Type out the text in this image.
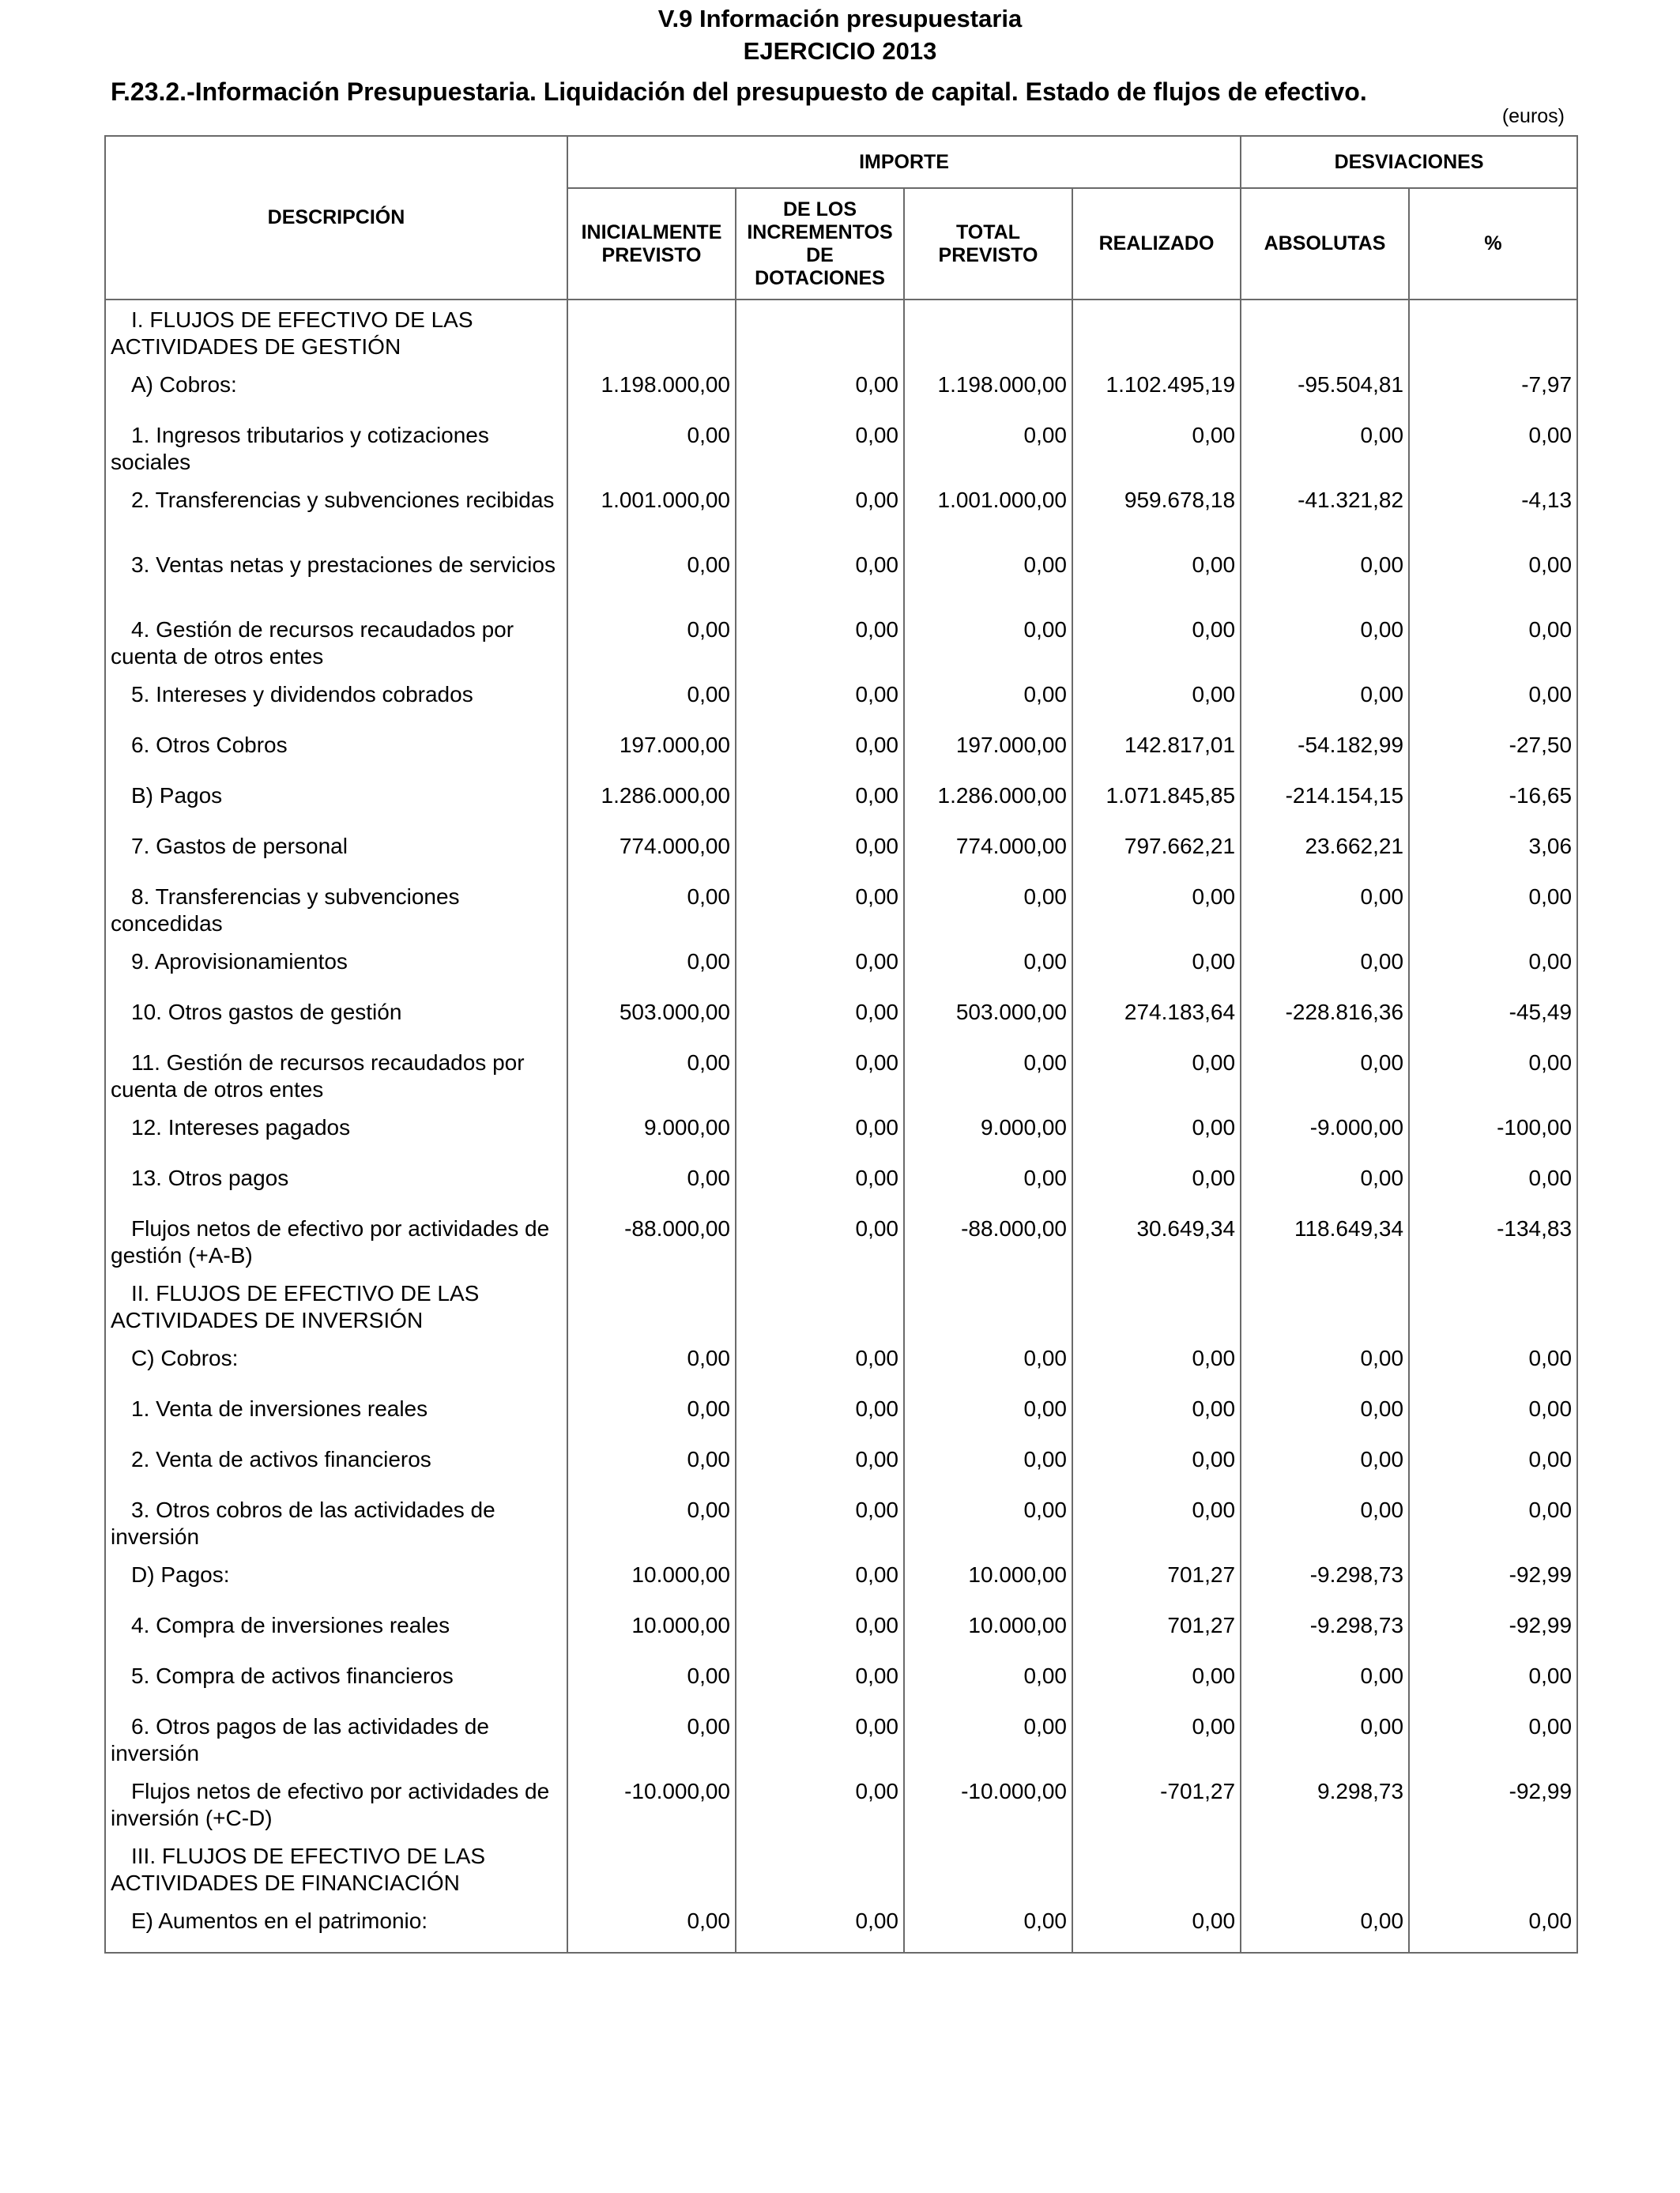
V.9 Información presupuestaria
EJERCICIO 2013
F.23.2.-Información Presupuestaria. Liquidación del presupuesto de capital. Estado de flujos de efectivo.
(euros)
DESCRIPCIÓN	IMPORTE				DESVIACIONES	
	INICIALMENTE PREVISTO	DE LOS INCREMENTOS DE DOTACIONES	TOTAL PREVISTO	REALIZADO	ABSOLUTAS	%
I. FLUJOS DE EFECTIVO DE LAS ACTIVIDADES DE GESTIÓN						
A) Cobros:	1.198.000,00	0,00	1.198.000,00	1.102.495,19	-95.504,81	-7,97
1. Ingresos tributarios y cotizaciones sociales	0,00	0,00	0,00	0,00	0,00	0,00
2. Transferencias y subvenciones recibidas	1.001.000,00	0,00	1.001.000,00	959.678,18	-41.321,82	-4,13
3. Ventas netas y prestaciones de servicios	0,00	0,00	0,00	0,00	0,00	0,00
4. Gestión de recursos recaudados por cuenta de otros entes	0,00	0,00	0,00	0,00	0,00	0,00
5. Intereses y dividendos cobrados	0,00	0,00	0,00	0,00	0,00	0,00
6. Otros Cobros	197.000,00	0,00	197.000,00	142.817,01	-54.182,99	-27,50
B) Pagos	1.286.000,00	0,00	1.286.000,00	1.071.845,85	-214.154,15	-16,65
7. Gastos de personal	774.000,00	0,00	774.000,00	797.662,21	23.662,21	3,06
8. Transferencias y subvenciones concedidas	0,00	0,00	0,00	0,00	0,00	0,00
9. Aprovisionamientos	0,00	0,00	0,00	0,00	0,00	0,00
10. Otros gastos de gestión	503.000,00	0,00	503.000,00	274.183,64	-228.816,36	-45,49
11. Gestión de recursos recaudados por cuenta de otros entes	0,00	0,00	0,00	0,00	0,00	0,00
12. Intereses pagados	9.000,00	0,00	9.000,00	0,00	-9.000,00	-100,00
13. Otros pagos	0,00	0,00	0,00	0,00	0,00	0,00
Flujos netos de efectivo por actividades de gestión (+A-B)	-88.000,00	0,00	-88.000,00	30.649,34	118.649,34	-134,83
II. FLUJOS DE EFECTIVO DE LAS ACTIVIDADES DE INVERSIÓN						
C) Cobros:	0,00	0,00	0,00	0,00	0,00	0,00
1. Venta de inversiones reales	0,00	0,00	0,00	0,00	0,00	0,00
2. Venta de activos financieros	0,00	0,00	0,00	0,00	0,00	0,00
3. Otros cobros de las actividades de inversión	0,00	0,00	0,00	0,00	0,00	0,00
D) Pagos:	10.000,00	0,00	10.000,00	701,27	-9.298,73	-92,99
4. Compra de inversiones reales	10.000,00	0,00	10.000,00	701,27	-9.298,73	-92,99
5. Compra de activos financieros	0,00	0,00	0,00	0,00	0,00	0,00
6. Otros pagos de las actividades de inversión	0,00	0,00	0,00	0,00	0,00	0,00
Flujos netos de efectivo por actividades de inversión (+C-D)	-10.000,00	0,00	-10.000,00	-701,27	9.298,73	-92,99
III. FLUJOS DE EFECTIVO DE LAS ACTIVIDADES DE FINANCIACIÓN						
E) Aumentos en el patrimonio:	0,00	0,00	0,00	0,00	0,00	0,00
